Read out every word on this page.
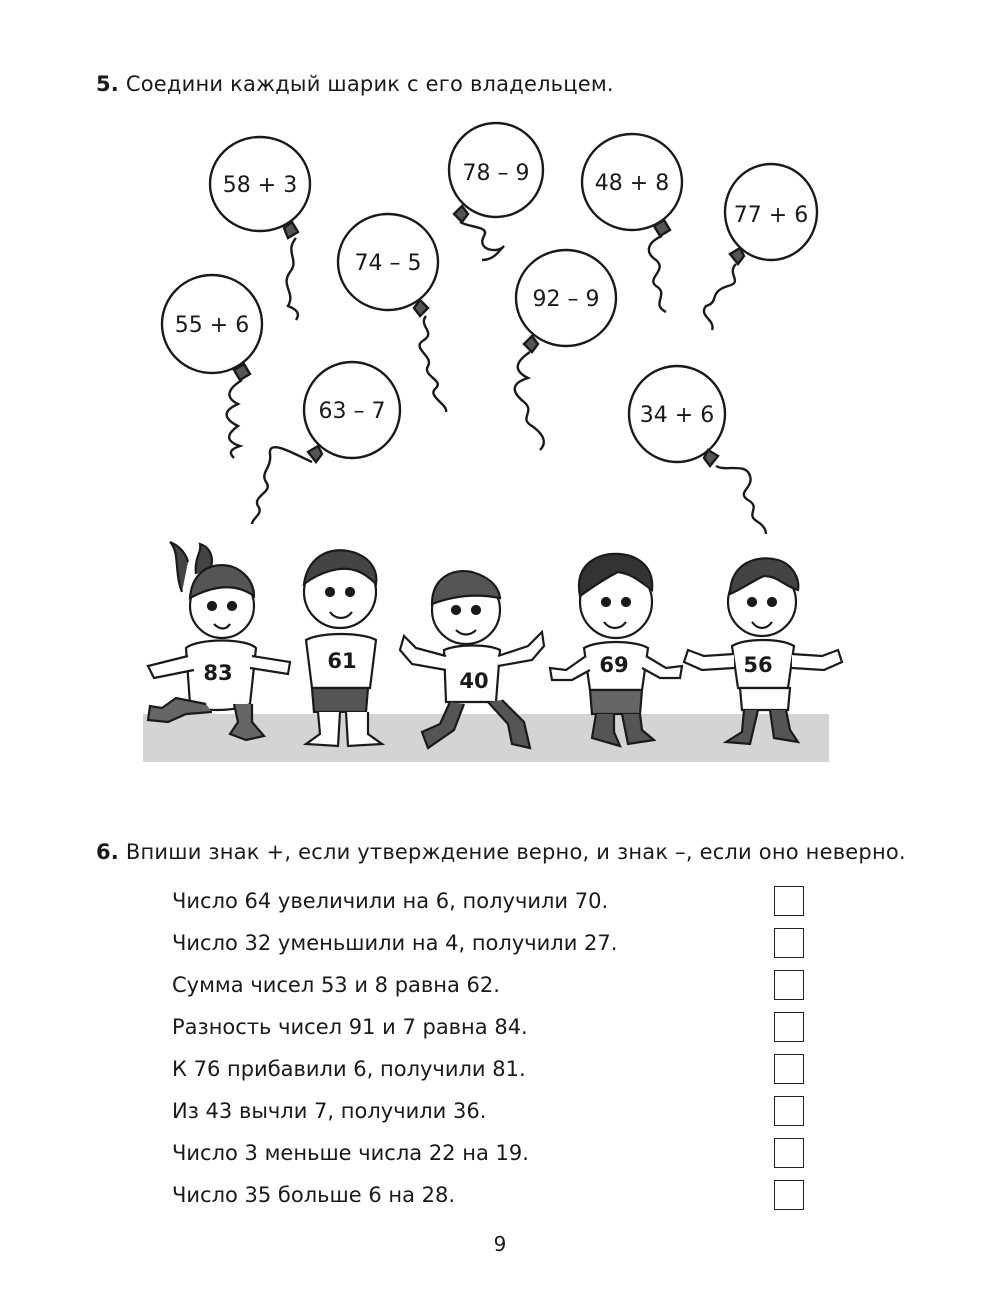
5. Соедини каждый шарик с его владельцем.
58 + 3	78 – 9	48 + 8
77 + 6
74 – 5
92 – 9
55 + 6
63 – 7	34 + 6
83	61
40
69	56
6. Впиши знак +, если утверждение верно, и знак –, если оно неверно.
Число 64 увеличили на 6, получили 70.
Число 32 уменьшили на 4, получили 27.
Сумма чисел 53 и 8 равна 62.
Разность чисел 91 и 7 равна 84.
К 76 прибавили 6, получили 81.
Из 43 вычли 7, получили 36.
Число 3 меньше числа 22 на 19.
Число 35 больше 6 на 28.
9
